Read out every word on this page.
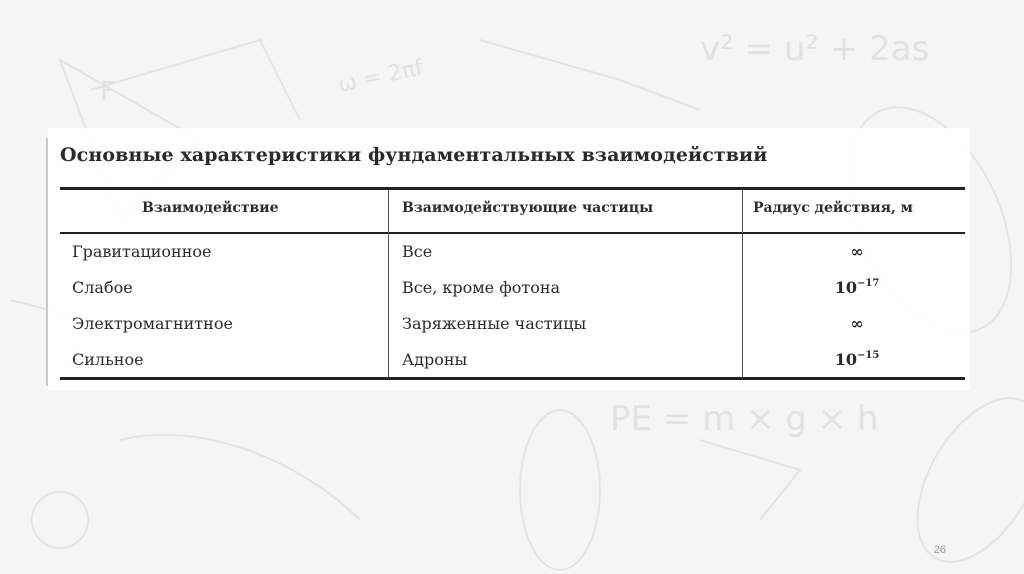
v² = u² + 2as
ω = 2πf
PE = m × g × h
F
Основные характеристики фундаментальных взаимодействий
Взаимодействие	Взаимодействующие частицы	Радиус действия, м
Гравитационное	Все	∞
Слабое	Все, кроме фотона	$10^{-17}$
Электромагнитное	Заряженные частицы	∞
Сильное	Адроны	$10^{-15}$
26
